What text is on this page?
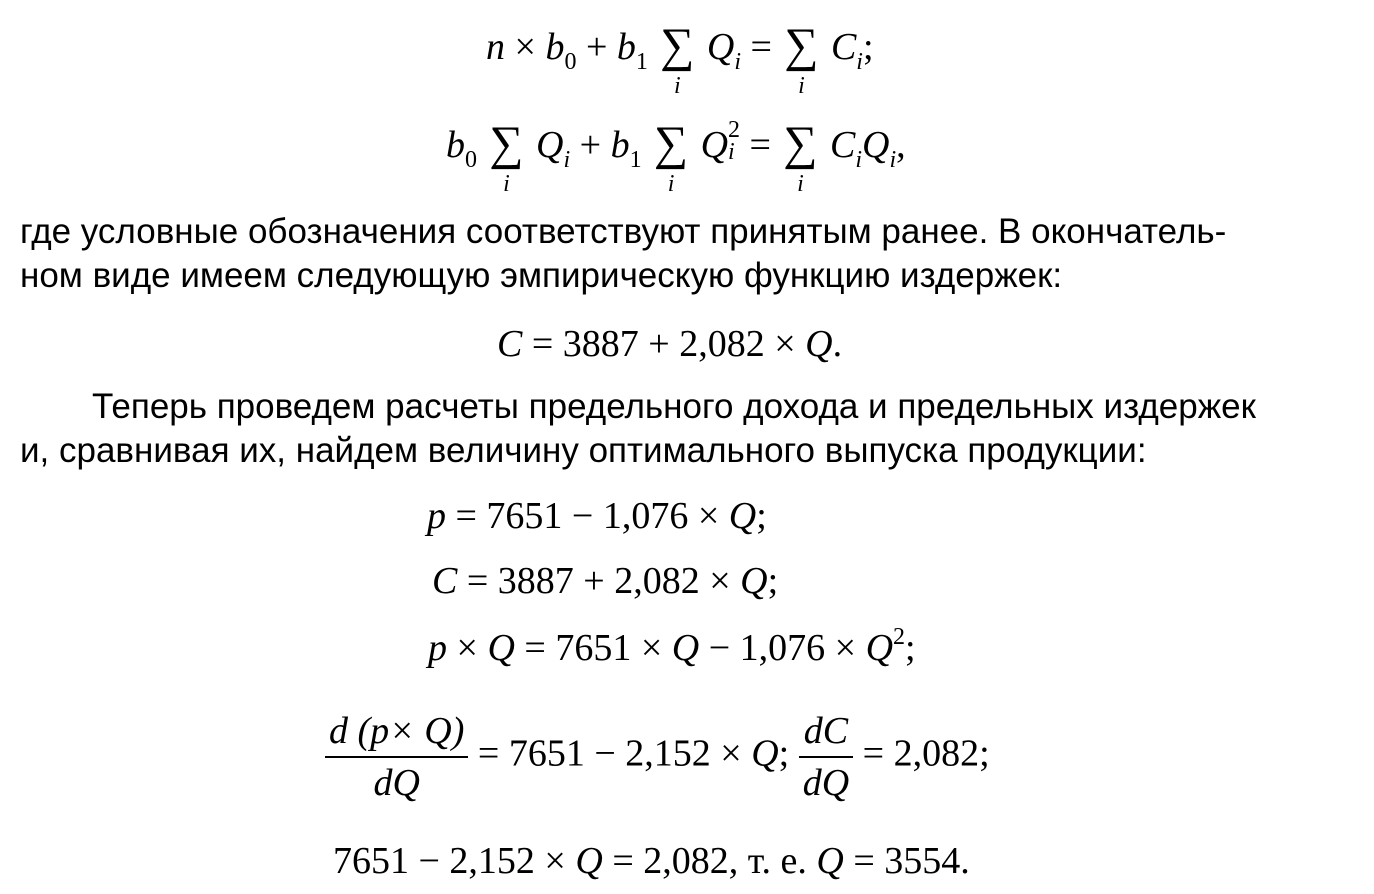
$n \times b_0 + b_1$ ∑
i
$Q_i$ = ∑
i
$C_i$;
$b_0$ ∑
i
$Q_i + b_1$ ∑
i
Q 2
i = ∑
i
$C_iQ_i$,
где условные обозначения соответствуют принятым ранее. В окончатель-
ном виде имеем следующую эмпирическую функцию издержек:
C = 3887 + 2,082 × Q.
Теперь проведем расчеты предельного дохода и предельных издержек
и, сравнивая их, найдем величину оптимального выпуска продукции:
p = 7651 − 1,076 × Q;
C = 3887 + 2,082 × Q;
$p \times Q = 7651 \times Q - 1,076 \times Q^2$;
$\frac{d (p\times Q)}{dQ} = 7651 - 2,152 \times Q$; $\frac{dC}{dQ} = 2,082$;
7651 − 2,152 × Q = 2,082, т. е. Q = 3554.
